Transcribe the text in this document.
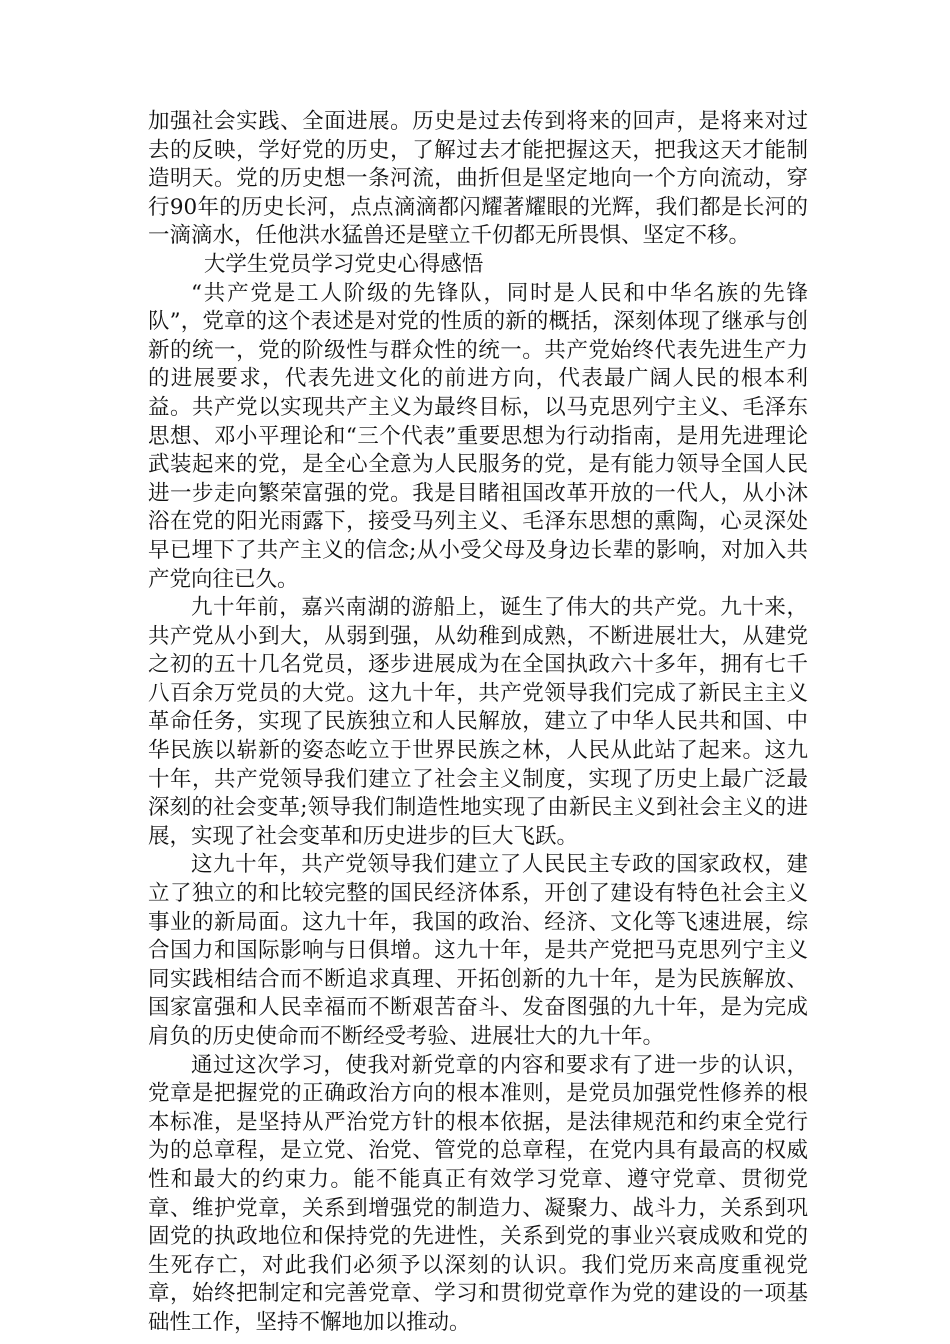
加强社会实践、全面进展。历史是过去传到将来的回声，是将来对过去的反映，学好党的历史，了解过去才能把握这天，把我这天才能制造明天。党的历史想一条河流，曲折但是坚定地向一个方向流动，穿行90年的历史长河，点点滴滴都闪耀著耀眼的光辉，我们都是长河的一滴滴水，任他洪水猛兽还是壁立千仞都无所畏惧、坚定不移。

大学生党员学习党史心得感悟

“共产党是工人阶级的先锋队，同时是人民和中华名族的先锋队”，党章的这个表述是对党的性质的新的概括，深刻体现了继承与创新的统一，党的阶级性与群众性的统一。共产党始终代表先进生产力的进展要求，代表先进文化的前进方向，代表最广阔人民的根本利益。共产党以实现共产主义为最终目标，以马克思列宁主义、毛泽东思想、邓小平理论和“三个代表”重要思想为行动指南，是用先进理论武装起来的党，是全心全意为人民服务的党，是有能力领导全国人民进一步走向繁荣富强的党。我是目睹祖国改革开放的一代人，从小沐浴在党的阳光雨露下，接受马列主义、毛泽东思想的熏陶，心灵深处早已埋下了共产主义的信念;从小受父母及身边长辈的影响，对加入共产党向往已久。

九十年前，嘉兴南湖的游船上，诞生了伟大的共产党。九十来，共产党从小到大，从弱到强，从幼稚到成熟，不断进展壮大，从建党之初的五十几名党员，逐步进展成为在全国执政六十多年，拥有七千八百余万党员的大党。这九十年，共产党领导我们完成了新民主主义革命任务，实现了民族独立和人民解放，建立了中华人民共和国、中华民族以崭新的姿态屹立于世界民族之林，人民从此站了起来。这九十年，共产党领导我们建立了社会主义制度，实现了历史上最广泛最深刻的社会变革;领导我们制造性地实现了由新民主义到社会主义的进展，实现了社会变革和历史进步的巨大飞跃。

这九十年，共产党领导我们建立了人民民主专政的国家政权，建立了独立的和比较完整的国民经济体系，开创了建设有特色社会主义事业的新局面。这九十年，我国的政治、经济、文化等飞速进展，综合国力和国际影响与日俱增。这九十年，是共产党把马克思列宁主义同实践相结合而不断追求真理、开拓创新的九十年，是为民族解放、国家富强和人民幸福而不断艰苦奋斗、发奋图强的九十年，是为完成肩负的历史使命而不断经受考验、进展壮大的九十年。

通过这次学习，使我对新党章的内容和要求有了进一步的认识，党章是把握党的正确政治方向的根本准则，是党员加强党性修养的根本标准，是坚持从严治党方针的根本依据，是法律规范和约束全党行为的总章程，是立党、治党、管党的总章程，在党内具有最高的权威性和最大的约束力。能不能真正有效学习党章、遵守党章、贯彻党章、维护党章，关系到增强党的制造力、凝聚力、战斗力，关系到巩固党的执政地位和保持党的先进性，关系到党的事业兴衰成败和党的生死存亡，对此我们必须予以深刻的认识。我们党历来高度重视党章，始终把制定和完善党章、学习和贯彻党章作为党的建设的一项基础性工作，坚持不懈地加以推动。
